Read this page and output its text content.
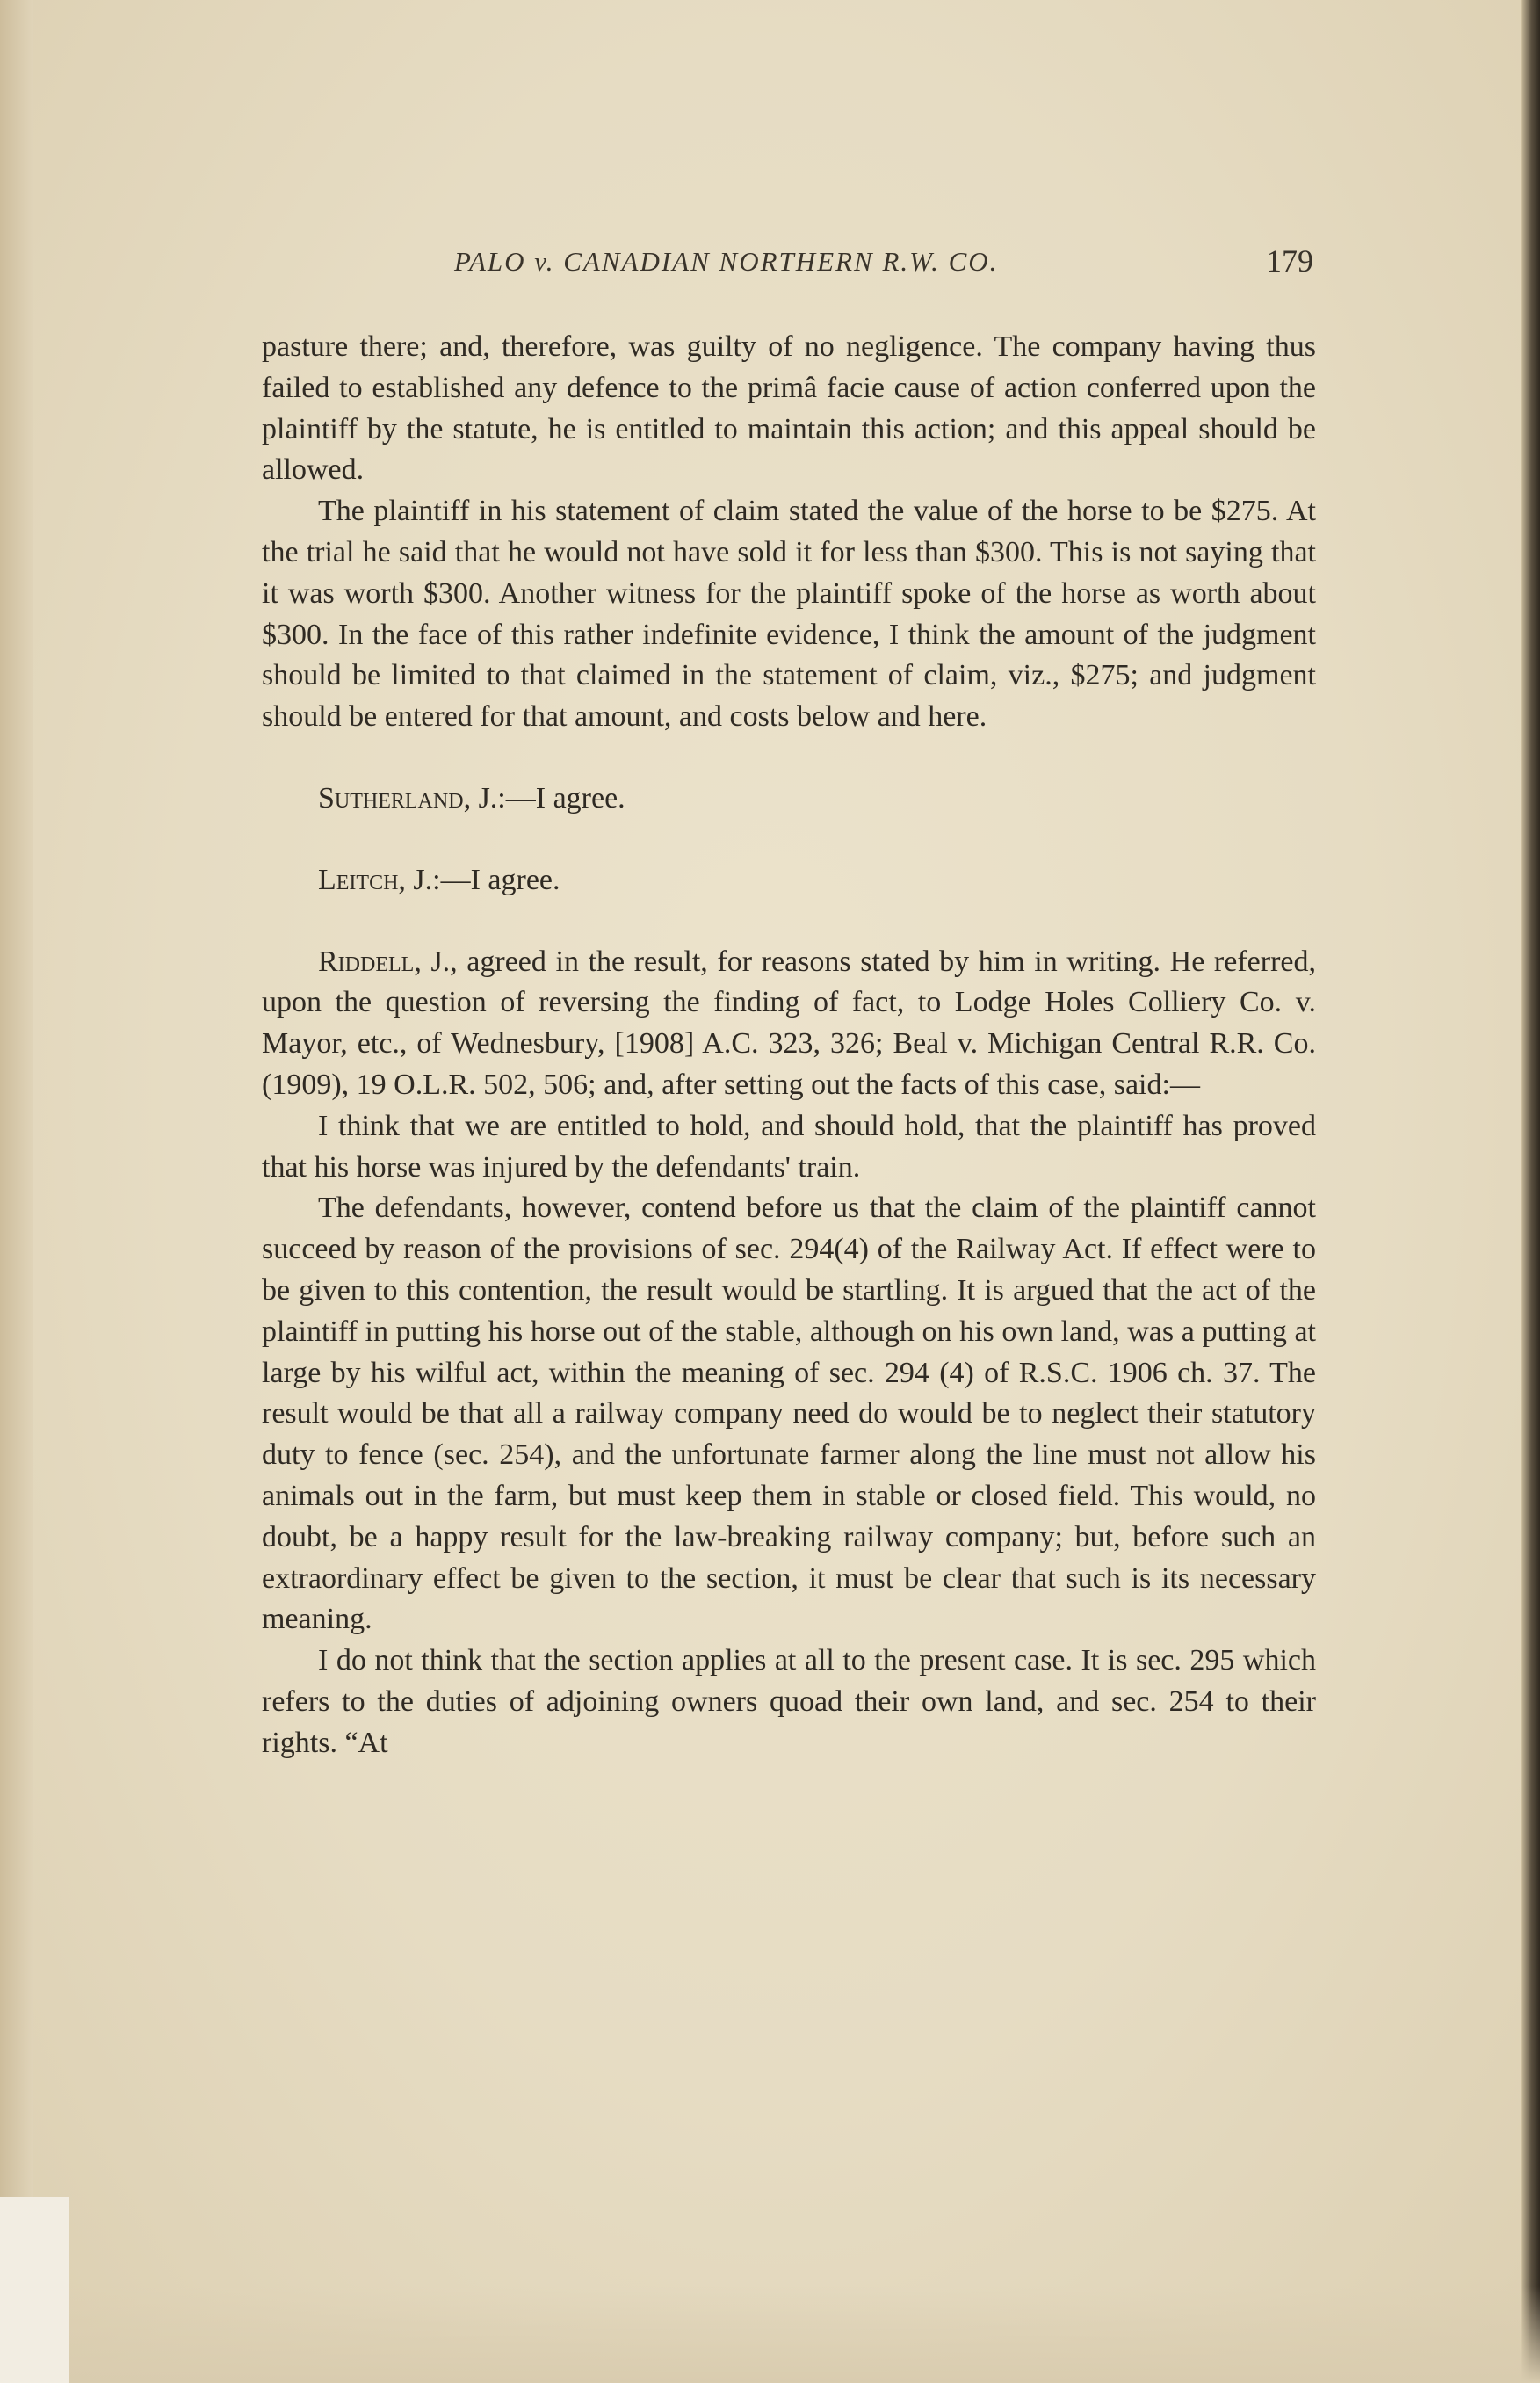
PALO v. CANADIAN NORTHERN R.W. CO.	179

pasture there; and, therefore, was guilty of no negligence. The company having thus failed to established any defence to the primâ facie cause of action conferred upon the plaintiff by the statute, he is entitled to maintain this action; and this appeal should be allowed.

The plaintiff in his statement of claim stated the value of the horse to be $275. At the trial he said that he would not have sold it for less than $300. This is not saying that it was worth $300. Another witness for the plaintiff spoke of the horse as worth about $300. In the face of this rather indefinite evidence, I think the amount of the judgment should be limited to that claimed in the statement of claim, viz., $275; and judgment should be entered for that amount, and costs below and here.

Sutherland, J.:—I agree.

Leitch, J.:—I agree.

Riddell, J., agreed in the result, for reasons stated by him in writing. He referred, upon the question of reversing the finding of fact, to Lodge Holes Colliery Co. v. Mayor, etc., of Wednesbury, [1908] A.C. 323, 326; Beal v. Michigan Central R.R. Co. (1909), 19 O.L.R. 502, 506; and, after setting out the facts of this case, said:—

I think that we are entitled to hold, and should hold, that the plaintiff has proved that his horse was injured by the defendants' train.

The defendants, however, contend before us that the claim of the plaintiff cannot succeed by reason of the provisions of sec. 294(4) of the Railway Act. If effect were to be given to this contention, the result would be startling. It is argued that the act of the plaintiff in putting his horse out of the stable, although on his own land, was a putting at large by his wilful act, within the meaning of sec. 294 (4) of R.S.C. 1906 ch. 37. The result would be that all a railway company need do would be to neglect their statutory duty to fence (sec. 254), and the unfortunate farmer along the line must not allow his animals out in the farm, but must keep them in stable or closed field. This would, no doubt, be a happy result for the law-breaking railway company; but, before such an extraordinary effect be given to the section, it must be clear that such is its necessary meaning.

I do not think that the section applies at all to the present case. It is sec. 295 which refers to the duties of adjoining owners quoad their own land, and sec. 254 to their rights. “At
